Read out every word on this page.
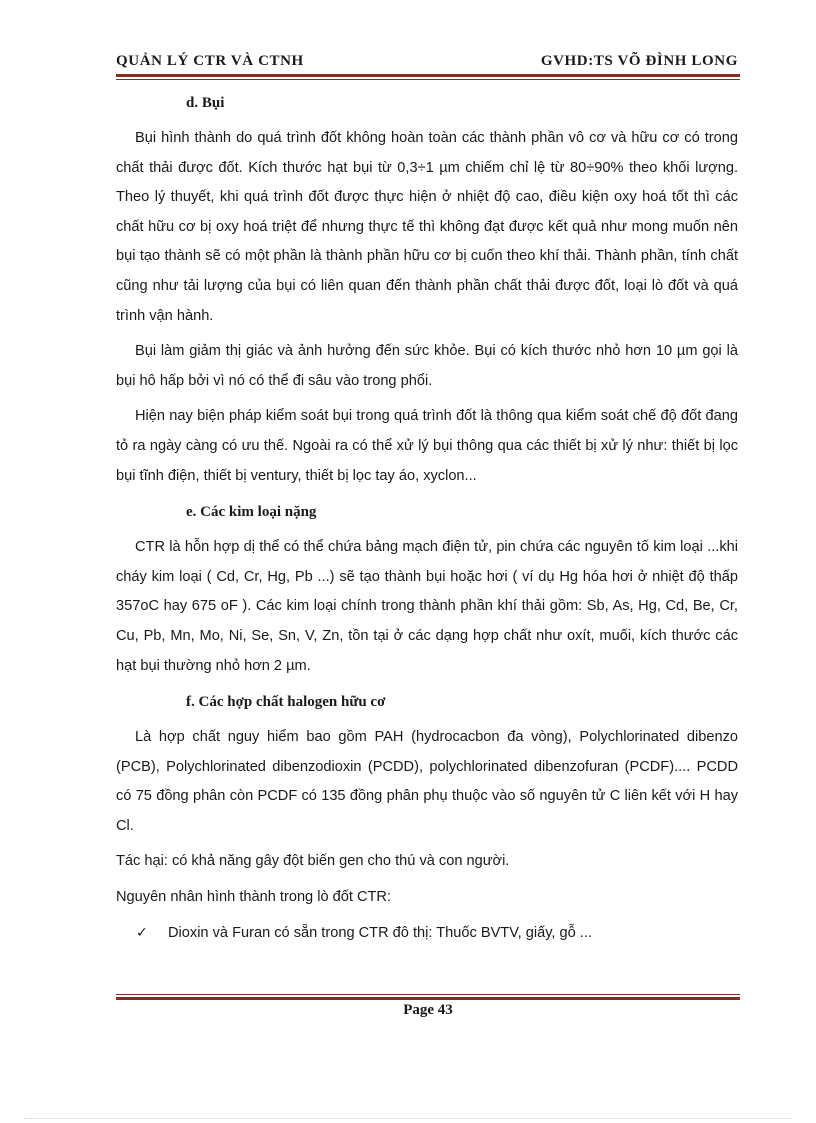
QUẢN LÝ CTR VÀ CTNH	GVHD:TS VÕ ĐÌNH LONG
d. Bụi

Bụi hình thành do quá trình đốt không hoàn toàn các thành phần vô cơ và hữu cơ có trong chất thải được đốt. Kích thước hạt bụi từ 0,3÷1 µm chiếm chỉ lệ từ 80÷90% theo khối lượng. Theo lý thuyết, khi quá trình đốt được thực hiện ở nhiệt độ cao, điều kiện oxy hoá tốt thì các chất hữu cơ bị oxy hoá triệt để nhưng thực tế thì không đạt được kết quả như mong muốn nên bụi tạo thành sẽ có một phần là thành phần hữu cơ bị cuốn theo khí thải. Thành phần, tính chất cũng như tải lượng của bụi có liên quan đến thành phần chất thải được đốt, loại lò đốt và quá trình vận hành.

Bụi làm giảm thị giác và ảnh hưởng đến sức khỏe. Bụi có kích thước nhỏ hơn 10 µm gọi là bụi hô hấp bởi vì nó có thể đi sâu vào trong phổi.

Hiện nay biện pháp kiểm soát bụi trong quá trình đốt là thông qua kiểm soát chế độ đốt đang tỏ ra ngày càng có ưu thế. Ngoài ra có thể xử lý bụi thông qua các thiết bị xử lý như: thiết bị lọc bụi tĩnh điện, thiết bị ventury, thiết bị lọc tay áo, xyclon...

e. Các kim loại nặng

CTR là hỗn hợp dị thể có thể chứa bảng mạch điện tử, pin chứa các nguyên tố kim loại ...khi cháy kim loại ( Cd, Cr, Hg, Pb ...) sẽ tạo thành bụi hoặc hơi ( ví dụ Hg hóa hơi ở nhiệt độ thấp 357oC hay 675 oF ). Các kim loại chính trong thành phần khí thải gồm: Sb, As, Hg, Cd, Be, Cr, Cu, Pb, Mn, Mo, Ni, Se, Sn, V, Zn, tồn tại ở các dạng hợp chất như oxít, muối, kích thước các hạt bụi thường nhỏ hơn 2 µm.

f. Các hợp chất halogen hữu cơ

Là hợp chất nguy hiểm bao gồm PAH (hydrocacbon đa vòng), Polychlorinated dibenzo (PCB), Polychlorinated dibenzodioxin (PCDD), polychlorinated dibenzofuran (PCDF).... PCDD có 75 đồng phân còn PCDF có 135 đồng phân phụ thuộc vào số nguyên tử C liên kết với H hay Cl.

Tác hại: có khả năng gây đột biến gen cho thú và con người.

Nguyên nhân hình thành trong lò đốt CTR:

✓	Dioxin và Furan có sẵn trong CTR đô thị: Thuốc BVTV, giấy, gỗ ...
Page 43
